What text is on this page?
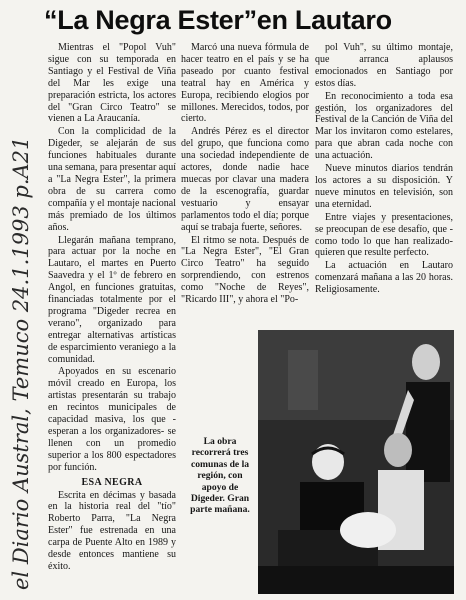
“La Negra Ester”en Lautaro

Mientras el "Popol Vuh" sigue con su temporada en Santiago y el Festival de Viña del Mar les exige una preparación estricta, los actores del "Gran Circo Teatro" se vienen a La Araucanía.

Con la complicidad de la Digeder, se alejarán de sus funciones habituales durante una semana, para presentar aquí a "La Negra Ester", la primera obra de su carrera como compañía y el montaje nacional más premiado de los últimos años.

Llegarán mañana temprano, para actuar por la noche en Lautaro, el martes en Puerto Saavedra y el 1º de febrero en Angol, en funciones gratuitas, financiadas totalmente por el programa "Digeder recrea en verano", organizado para entregar alternativas artísticas de esparcimiento veraniego a la comunidad.

Apoyados en su escenario móvil creado en Europa, los artistas presentarán su trabajo en recintos municipales de capacidad masiva, los que -esperan a los organizadores- se llenen con un promedio superior a los 800 espectadores por función.

ESA NEGRA

Escrita en décimas y basada en la historia real del "tío" Roberto Parra, "La Negra Ester" fue estrenada en una carpa de Puente Alto en 1989 y desde entonces mantiene su éxito.

Marcó una nueva fórmula de hacer teatro en el país y se ha paseado por cuanto festival teatral hay en América y Europa, recibiendo elogios por millones. Merecidos, todos, por cierto.

Andrés Pérez es el director del grupo, que funciona como una sociedad independiente de actores, donde nadie hace muecas por clavar una madera de la escenografía, guardar vestuario y ensayar parlamentos todo el día; porque aquí se trabaja fuerte, señores.

El ritmo se nota. Después de "La Negra Ester", "El Gran Circo Teatro" ha seguido sorprendiendo, con estrenos como "Noche de Reyes", "Ricardo III", y ahora el "Po-

pol Vuh", su último montaje, que arranca aplausos emocionados en Santiago por estos días.

En reconocimiento a toda esa gestión, los organizadores del Festival de la Canción de Viña del Mar los invitaron como estelares, para que abran cada noche con una actuación.

Nueve minutos diarios tendrán los actores a su disposición. Y nueve minutos en televisión, son una eternidad.

Entre viajes y presentaciones, se preocupan de ese desafío, que -como todo lo que han realizado- quieren que resulte perfecto.

La actuación en Lautaro comenzará mañana a las 20 horas. Religiosamente.

La obra recorrerá tres comunas de la región, con apoyo de Digeder. Gran parte mañana.
el Diario Austral, Temuco 24.1.1993 p.A21
